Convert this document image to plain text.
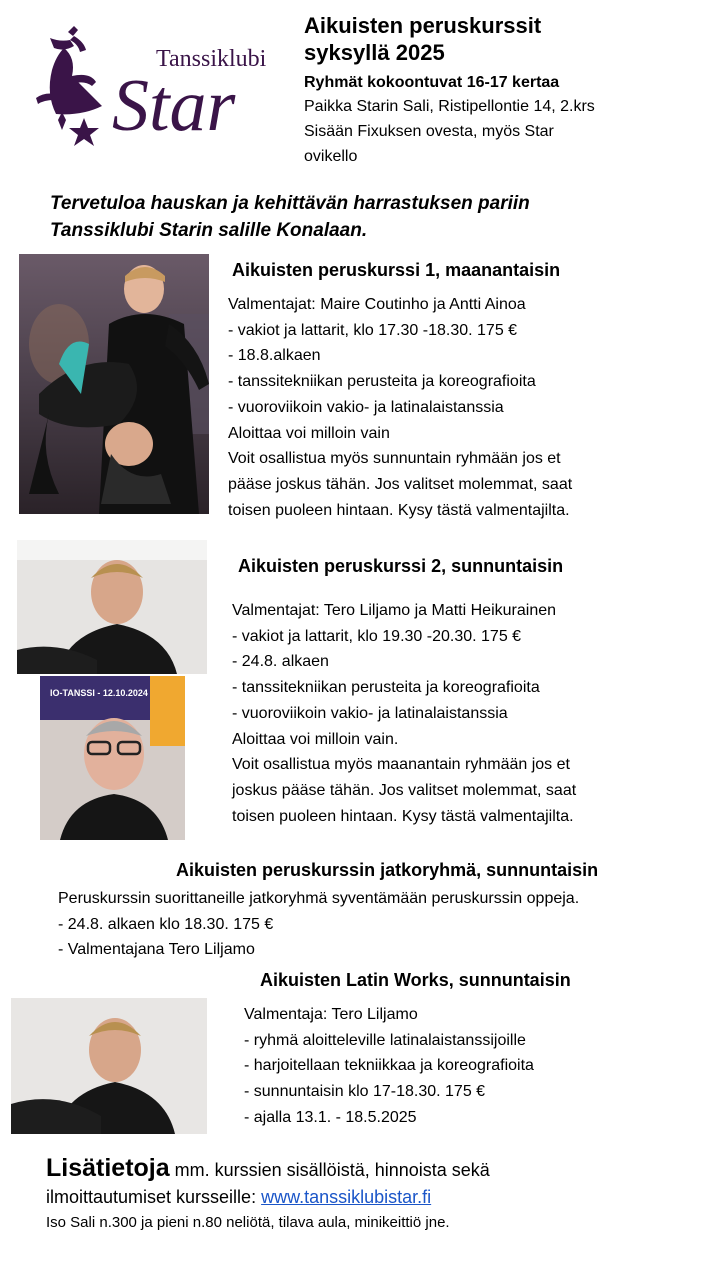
Tanssiklubi
Star
Aikuisten peruskurssit
syksyllä 2025
Ryhmät kokoontuvat 16-17 kertaa
Paikka Starin Sali, Ristipellontie 14, 2.krs
Sisään Fixuksen ovesta, myös Star
ovikello
Tervetuloa hauskan ja kehittävän harrastuksen pariin
Tanssiklubi Starin salille Konalaan.
Aikuisten peruskurssi 1, maanantaisin
Valmentajat: Maire Coutinho ja Antti Ainoa
- vakiot ja lattarit, klo 17.30 -18.30. 175 €
- 18.8.alkaen
- tanssitekniikan perusteita ja koreografioita
- vuoroviikoin vakio- ja latinalaistanssia
Aloittaa voi milloin vain
Voit osallistua myös sunnuntain ryhmään jos et
pääse joskus tähän. Jos valitset molemmat, saat
toisen puoleen hintaan. Kysy tästä valmentajilta.
IO-TANSSI - 12.10.2024
Aikuisten peruskurssi 2, sunnuntaisin
Valmentajat: Tero Liljamo ja Matti Heikurainen
- vakiot ja lattarit, klo 19.30 -20.30. 175 €
- 24.8. alkaen
- tanssitekniikan perusteita ja koreografioita
- vuoroviikoin vakio- ja latinalaistanssia
Aloittaa voi milloin vain.
Voit osallistua myös maanantain ryhmään jos et
joskus pääse tähän. Jos valitset molemmat, saat
toisen puoleen hintaan. Kysy tästä valmentajilta.
Aikuisten peruskurssin jatkoryhmä, sunnuntaisin
Peruskurssin suorittaneille jatkoryhmä syventämään peruskurssin oppeja.
- 24.8. alkaen klo 18.30. 175 €
- Valmentajana Tero Liljamo
Aikuisten Latin Works, sunnuntaisin
Valmentaja: Tero Liljamo
- ryhmä aloitteleville latinalaistanssijoille
- harjoitellaan tekniikkaa ja koreografioita
- sunnuntaisin klo 17-18.30. 175 €
- ajalla 13.1. - 18.5.2025
Lisätietoja mm. kurssien sisällöistä, hinnoista sekä
ilmoittautumiset kursseille: www.tanssiklubistar.fi
Iso Sali n.300 ja pieni n.80 neliötä, tilava aula, minikeittiö jne.
